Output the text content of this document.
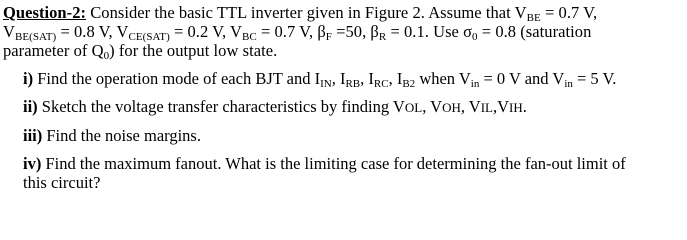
Question-2: Consider the basic TTL inverter given in Figure 2. Assume that $V_{BE} = 0.7$ V,
$V_{BE(SAT)} = 0.8$ V, $V_{CE(SAT)} = 0.2$ V, $V_{BC} = 0.7$ V, $\beta_F =50$, $\beta_R = 0.1$. Use $\sigma_0 = 0.8$ (saturation
parameter of $Q_0$) for the output low state.

i) Find the operation mode of each BJT and $I_{IN}$, $I_{RB}$, $I_{RC}$, $I_{B2}$ when $V_{in} = 0$ V and $V_{in} = 5$ V.

ii) Sketch the voltage transfer characteristics by finding VOL, VOH, VIL,VIH.

iii) Find the noise margins.

iv) Find the maximum fanout. What is the limiting case for determining the fan-out limit of
this circuit?
